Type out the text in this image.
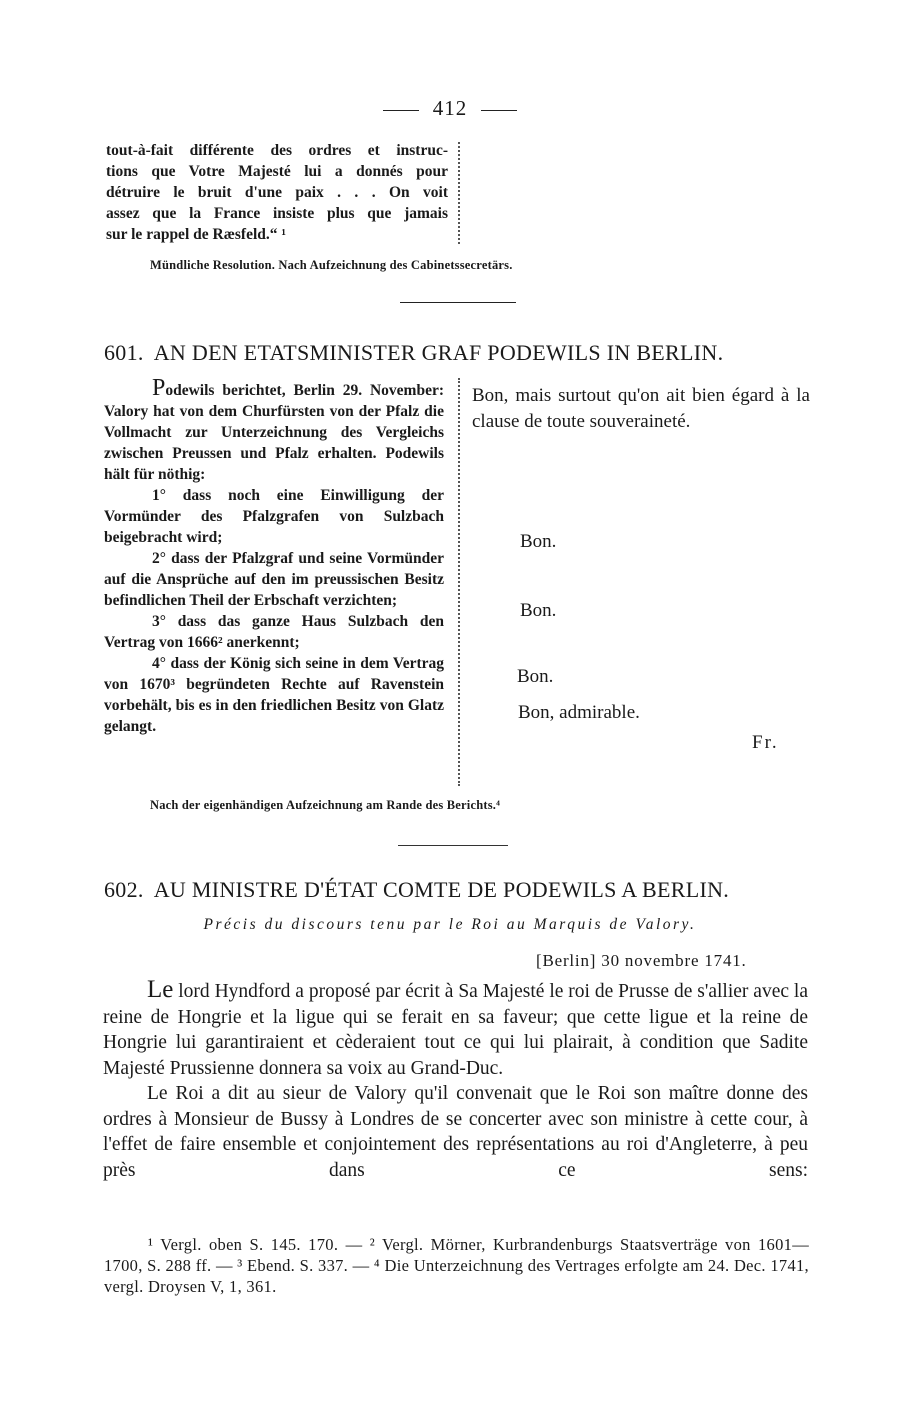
412

tout-à-fait différente des ordres et instruc-

tions que Votre Majesté lui a donnés pour

détruire le bruit d'une paix . . . On voit

assez que la France insiste plus que jamais

sur le rappel de Ræsfeld.“ ¹

Mündliche Resolution. Nach Aufzeichnung des Cabinetssecretärs.
601. AN DEN ETATSMINISTER GRAF PODEWILS IN BERLIN.

Podewils berichtet, Berlin 29. November: Valory hat von dem Churfürsten von der Pfalz die Vollmacht zur Unterzeichnung des Vergleichs zwischen Preussen und Pfalz erhalten. Podewils hält für nöthig:

1° dass noch eine Einwilligung der Vormünder des Pfalzgrafen von Sulzbach beigebracht wird;

2° dass der Pfalzgraf und seine Vormünder auf die Ansprüche auf den im preussischen Besitz befindlichen Theil der Erbschaft verzichten;

3° dass das ganze Haus Sulzbach den Vertrag von 1666² anerkennt;

4° dass der König sich seine in dem Vertrag von 1670³ begründeten Rechte auf Ravenstein vorbehält, bis es in den friedlichen Besitz von Glatz gelangt.

Bon, mais surtout qu'on ait bien égard à la clause de toute souveraineté.
Bon.
Bon.
Bon.
Bon, admirable.
Fr.
Nach der eigenhändigen Aufzeichnung am Rande des Berichts.⁴
602. AU MINISTRE D'ÉTAT COMTE DE PODEWILS A BERLIN.
Précis du discours tenu par le Roi au Marquis de Valory.
[Berlin] 30 novembre 1741.

Le lord Hyndford a proposé par écrit à Sa Majesté le roi de Prusse de s'allier avec la reine de Hongrie et la ligue qui se ferait en sa faveur; que cette ligue et la reine de Hongrie lui garantiraient et cèderaient tout ce qui lui plairait, à condition que Sadite Majesté Prussienne donnera sa voix au Grand-Duc.

Le Roi a dit au sieur de Valory qu'il convenait que le Roi son maître donne des ordres à Monsieur de Bussy à Londres de se concerter avec son ministre à cette cour, à l'effet de faire ensemble et conjointement des représentations au roi d'Angleterre, à peu près dans ce sens:

¹ Vergl. oben S. 145. 170. — ² Vergl. Mörner, Kurbrandenburgs Staatsverträge von 1601—1700, S. 288 ff. — ³ Ebend. S. 337. — ⁴ Die Unterzeichnung des Vertrages erfolgte am 24. Dec. 1741, vergl. Droysen V, 1, 361.
